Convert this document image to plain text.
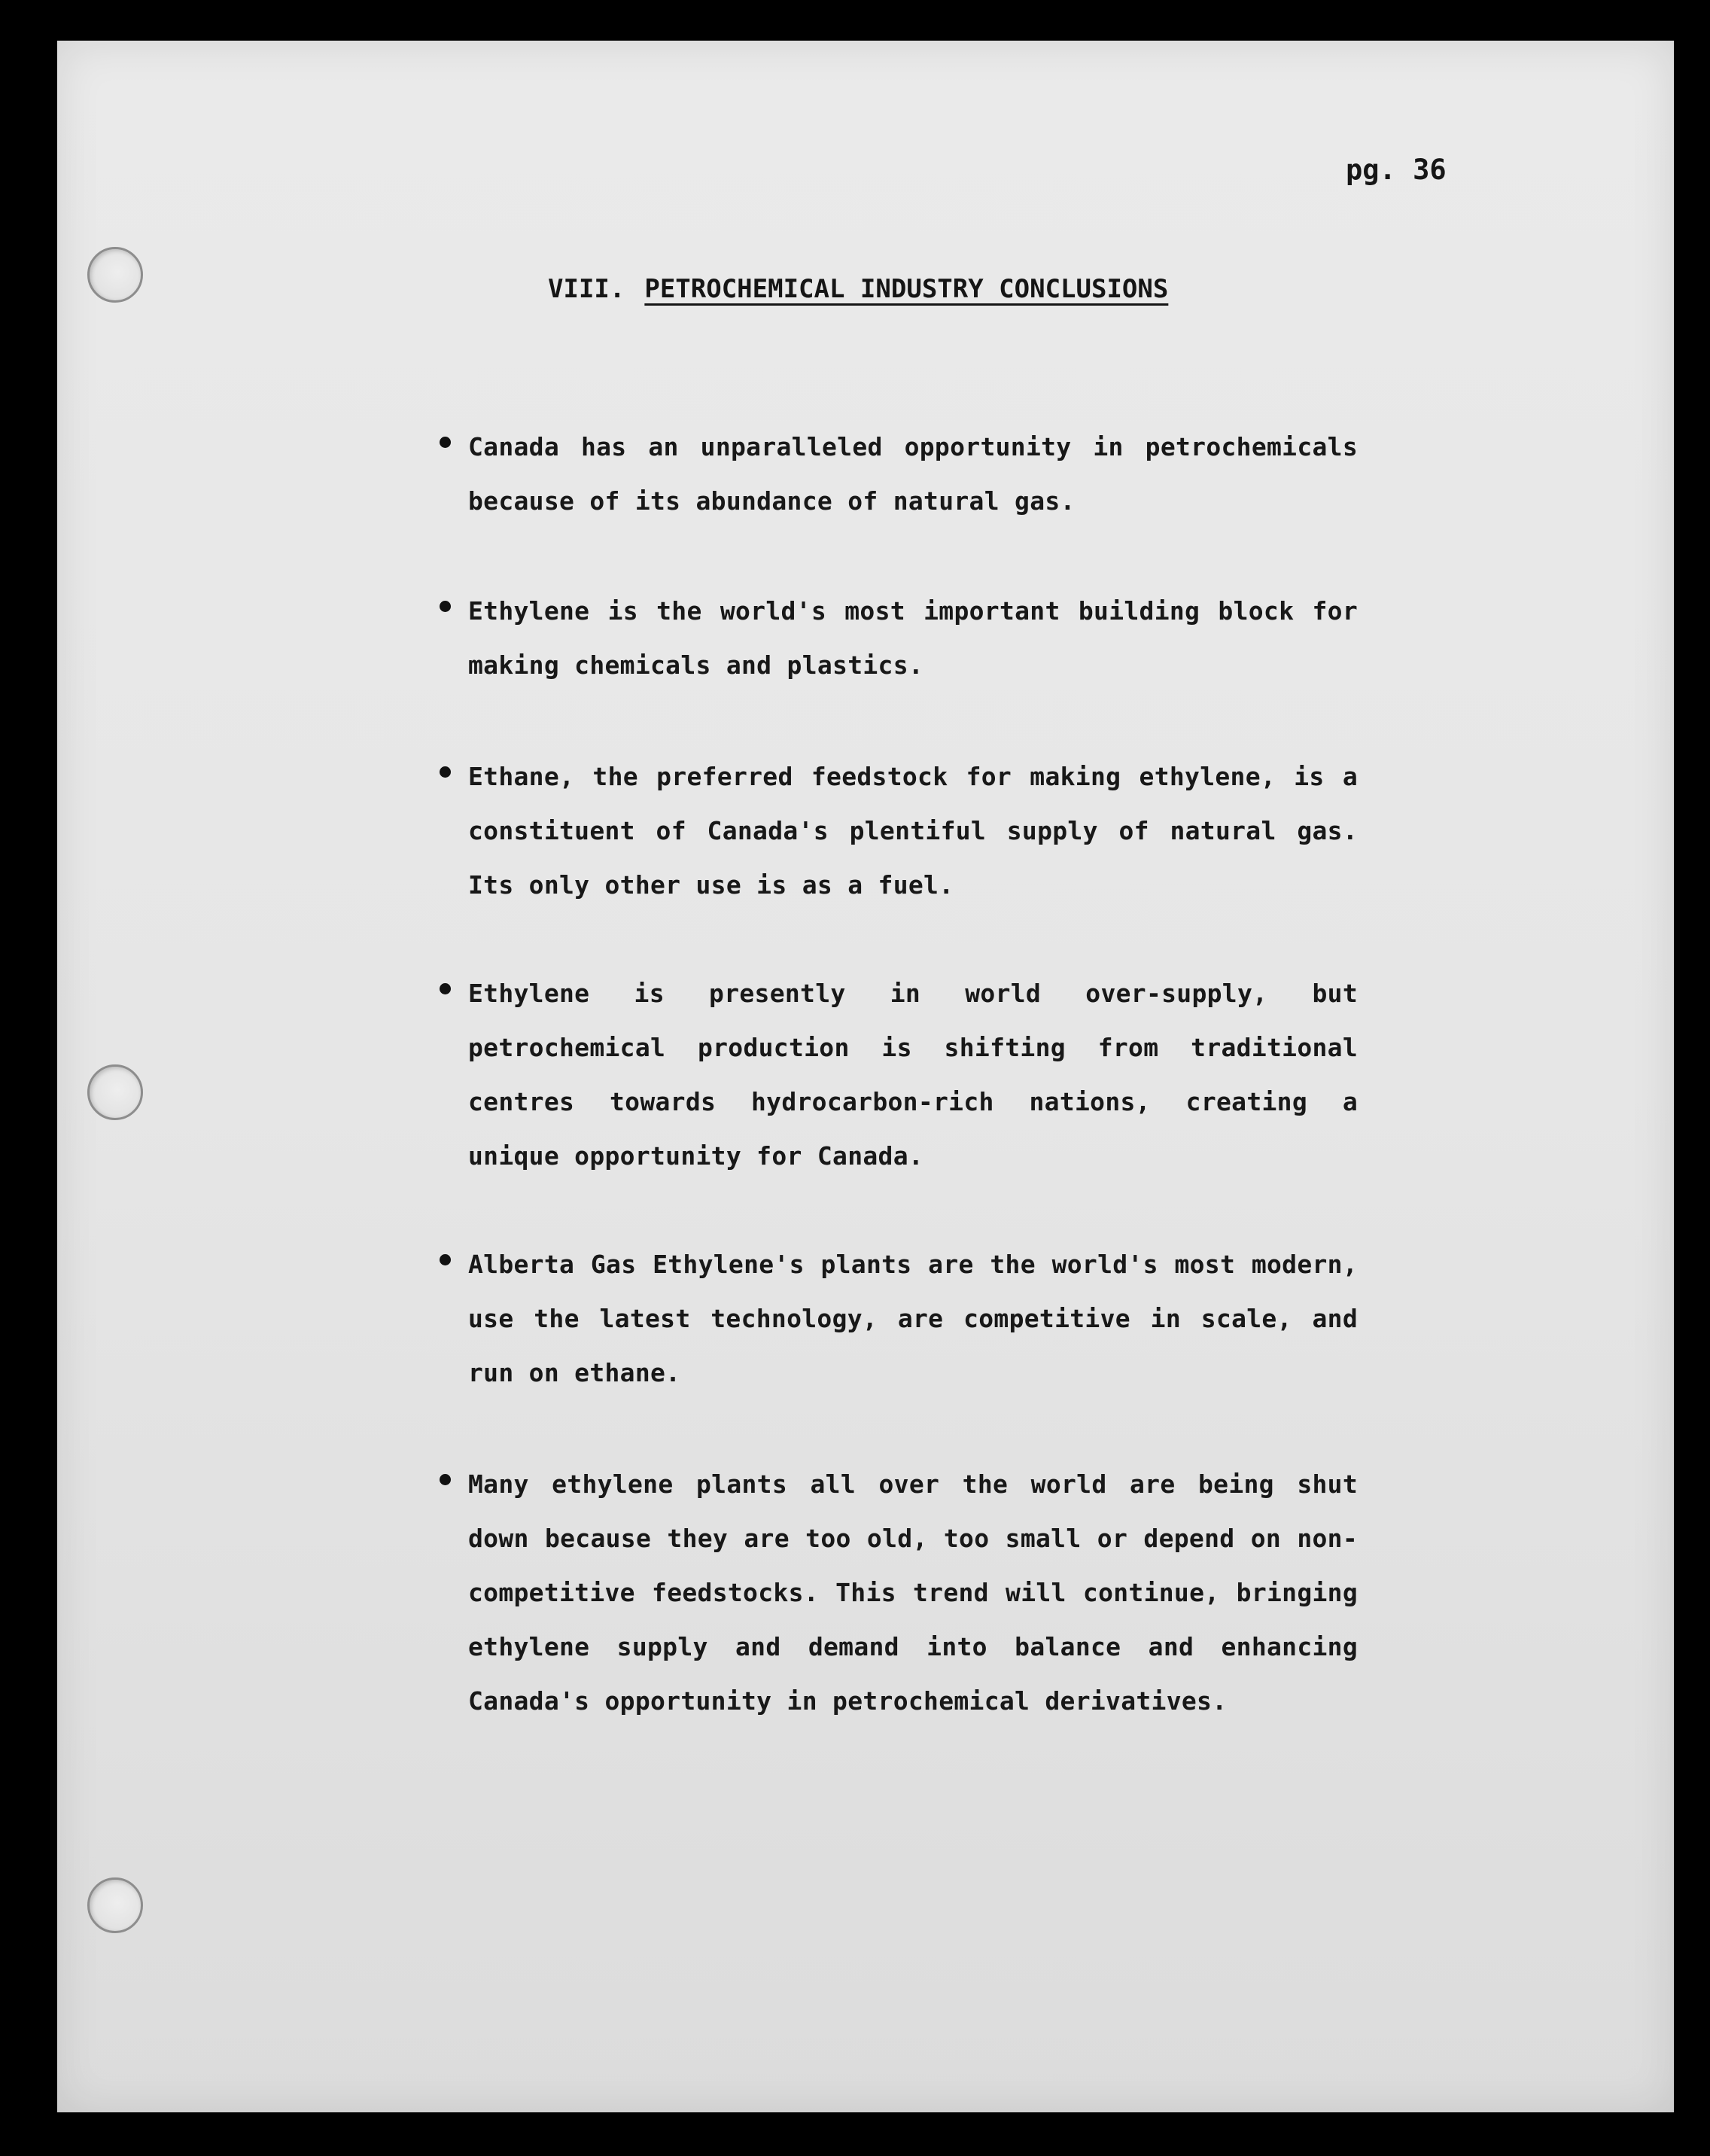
pg. 36
VIII. PETROCHEMICAL INDUSTRY CONCLUSIONS

Canada has an unparalleled opportunity in petrochemicals because of its abundance of natural gas.

Ethylene is the world's most important building block for making chemicals and plastics.

Ethane, the preferred feedstock for making ethylene, is a constituent of Canada's plentiful supply of natural gas. Its only other use is as a fuel.

Ethylene is presently in world over-supply, but petrochemical production is shifting from traditional centres towards hydrocarbon-rich nations, creating a unique opportunity for Canada.

Alberta Gas Ethylene's plants are the world's most modern, use the latest technology, are competitive in scale, and run on ethane.

Many ethylene plants all over the world are being shut down because they are too old, too small or depend on non-competitive feedstocks. This trend will continue, bringing ethylene supply and demand into balance and enhancing Canada's opportunity in petrochemical derivatives.
